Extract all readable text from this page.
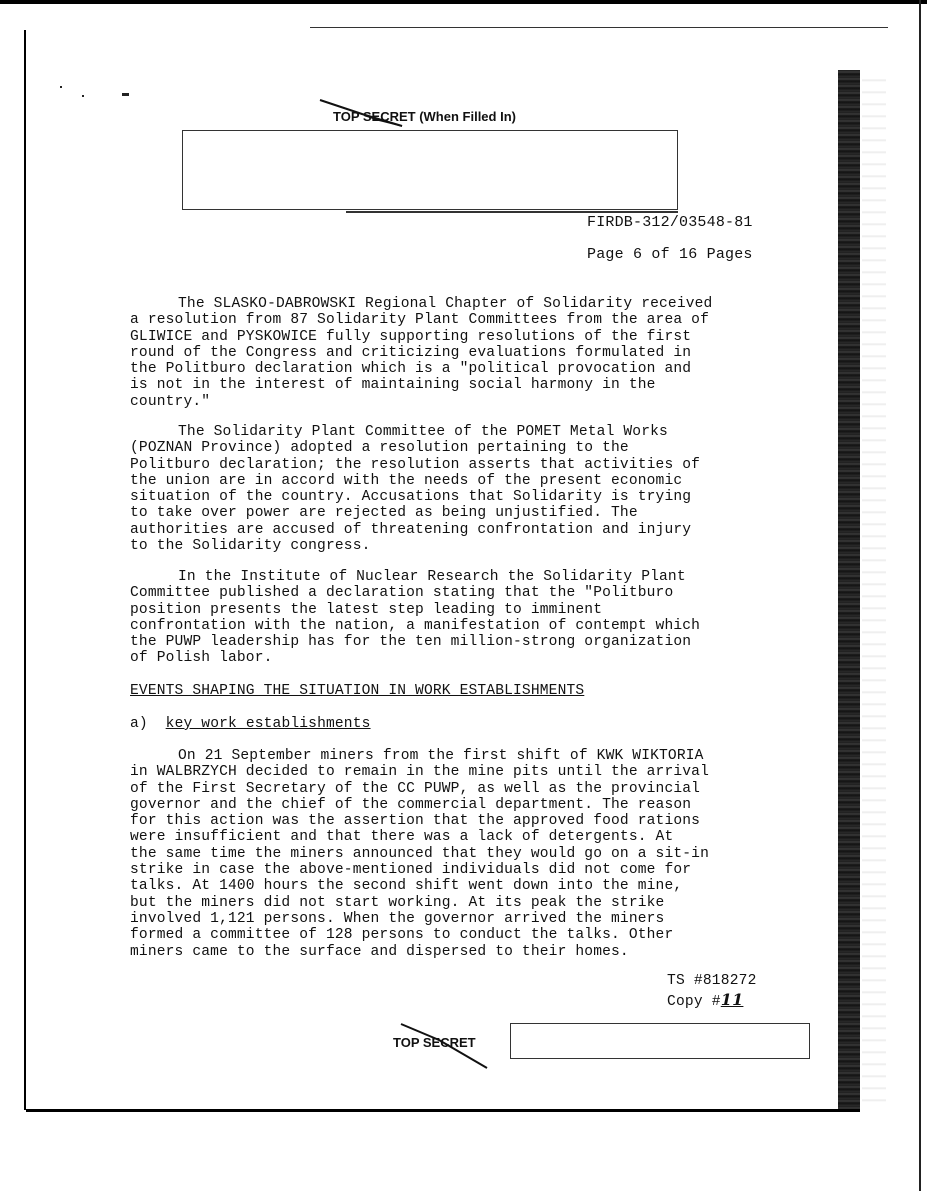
TOP SECRET (When Filled In)
FIRDB-312/03548-81
Page 6 of 16 Pages

The SLASKO-DABROWSKI Regional Chapter of Solidarity received
a resolution from 87 Solidarity Plant Committees from the area of
GLIWICE and PYSKOWICE fully supporting resolutions of the first
round of the Congress and criticizing evaluations formulated in
the Politburo declaration which is a "political provocation and
is not in the interest of maintaining social harmony in the
country."

The Solidarity Plant Committee of the POMET Metal Works
(POZNAN Province) adopted a resolution pertaining to the
Politburo declaration; the resolution asserts that activities of
the union are in accord with the needs of the present economic
situation of the country. Accusations that Solidarity is trying
to take over power are rejected as being unjustified. The
authorities are accused of threatening confrontation and injury
to the Solidarity congress.

In the Institute of Nuclear Research the Solidarity Plant
Committee published a declaration stating that the "Politburo
position presents the latest step leading to imminent
confrontation with the nation, a manifestation of contempt which
the PUWP leadership has for the ten million-strong organization
of Polish labor.

EVENTS SHAPING THE SITUATION IN WORK ESTABLISHMENTS
a) key work establishments

On 21 September miners from the first shift of KWK WIKTORIA
in WALBRZYCH decided to remain in the mine pits until the arrival
of the First Secretary of the CC PUWP, as well as the provincial
governor and the chief of the commercial department. The reason
for this action was the assertion that the approved food rations
were insufficient and that there was a lack of detergents. At
the same time the miners announced that they would go on a sit-in
strike in case the above-mentioned individuals did not come for
talks. At 1400 hours the second shift went down into the mine,
but the miners did not start working. At its peak the strike
involved 1,121 persons. When the governor arrived the miners
formed a committee of 128 persons to conduct the talks. Other
miners came to the surface and dispersed to their homes.

TS #818272
Copy #11
TOP SECRET
